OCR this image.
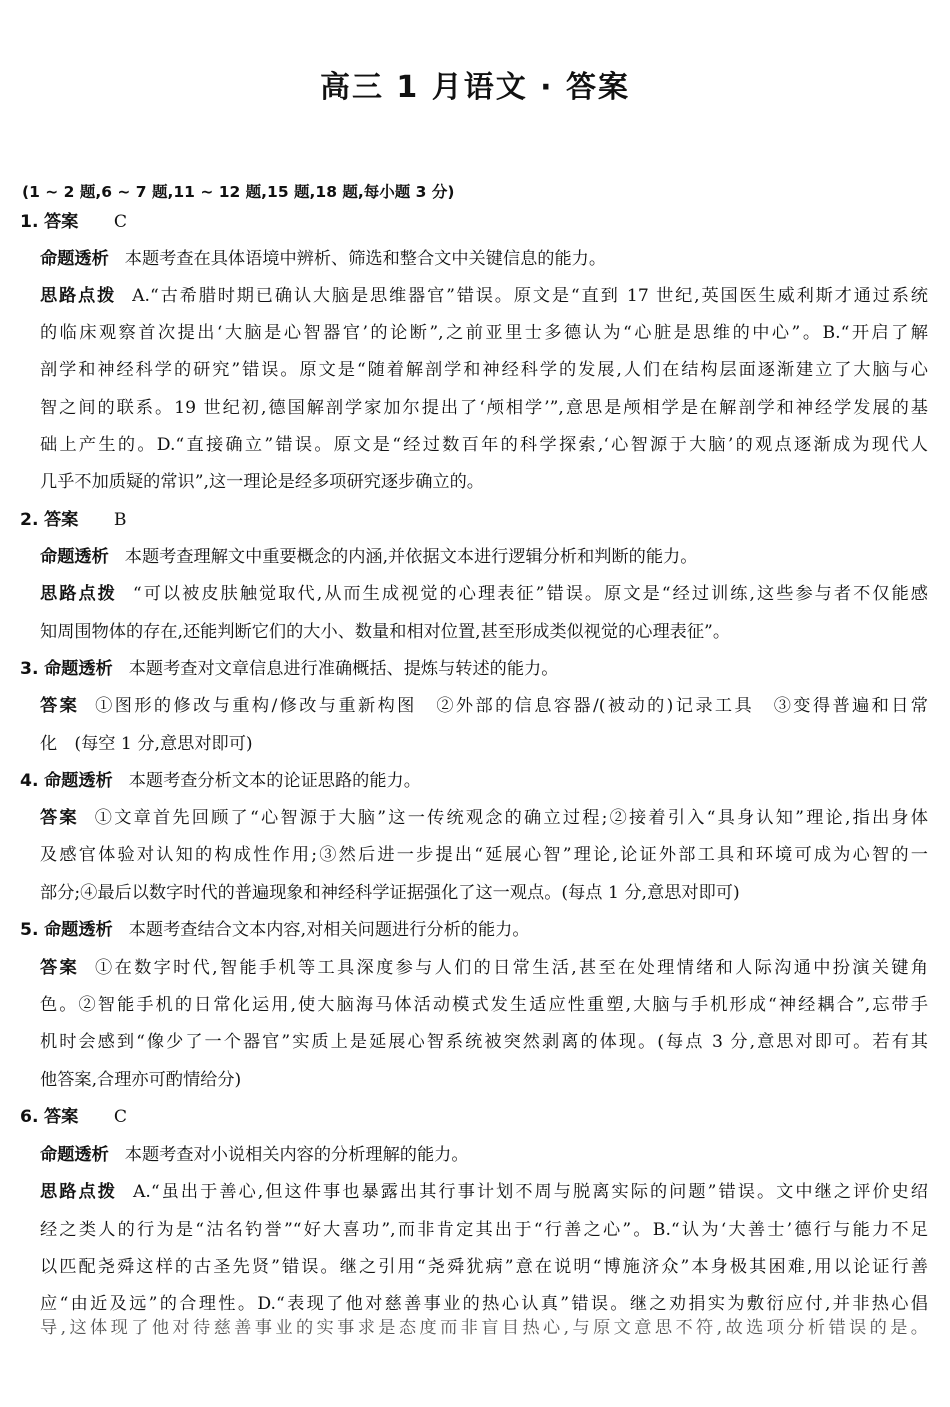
高三 1 月语文 · 答案
(1 ~ 2 题,6 ~ 7 题,11 ~ 12 题,15 题,18 题,每小题 3 分)
1. 答案 C
命题透析 本题考查在具体语境中辨析、筛选和整合文中关键信息的能力。
思路点拨 A.“古希腊时期已确认大脑是思维器官”错误。原文是“直到 17 世纪,英国医生威利斯才通过系统
的临床观察首次提出‘大脑是心智器官’的论断”,之前亚里士多德认为“心脏是思维的中心”。B.“开启了解
剖学和神经科学的研究”错误。原文是“随着解剖学和神经科学的发展,人们在结构层面逐渐建立了大脑与心
智之间的联系。19 世纪初,德国解剖学家加尔提出了‘颅相学’”,意思是颅相学是在解剖学和神经学发展的基
础上产生的。D.“直接确立”错误。原文是“经过数百年的科学探索,‘心智源于大脑’的观点逐渐成为现代人
几乎不加质疑的常识”,这一理论是经多项研究逐步确立的。
2. 答案 B
命题透析 本题考查理解文中重要概念的内涵,并依据文本进行逻辑分析和判断的能力。
思路点拨 “可以被皮肤触觉取代,从而生成视觉的心理表征”错误。原文是“经过训练,这些参与者不仅能感
知周围物体的存在,还能判断它们的大小、数量和相对位置,甚至形成类似视觉的心理表征”。
3. 命题透析 本题考查对文章信息进行准确概括、提炼与转述的能力。
答案 ①图形的修改与重构/修改与重新构图　②外部的信息容器/(被动的)记录工具　③变得普遍和日常
化　(每空 1 分,意思对即可)
4. 命题透析 本题考查分析文本的论证思路的能力。
答案 ①文章首先回顾了“心智源于大脑”这一传统观念的确立过程;②接着引入“具身认知”理论,指出身体
及感官体验对认知的构成性作用;③然后进一步提出“延展心智”理论,论证外部工具和环境可成为心智的一
部分;④最后以数字时代的普遍现象和神经科学证据强化了这一观点。(每点 1 分,意思对即可)
5. 命题透析 本题考查结合文本内容,对相关问题进行分析的能力。
答案 ①在数字时代,智能手机等工具深度参与人们的日常生活,甚至在处理情绪和人际沟通中扮演关键角
色。②智能手机的日常化运用,使大脑海马体活动模式发生适应性重塑,大脑与手机形成“神经耦合”,忘带手
机时会感到“像少了一个器官”实质上是延展心智系统被突然剥离的体现。(每点 3 分,意思对即可。若有其
他答案,合理亦可酌情给分)
6. 答案 C
命题透析 本题考查对小说相关内容的分析理解的能力。
思路点拨 A.“虽出于善心,但这件事也暴露出其行事计划不周与脱离实际的问题”错误。文中继之评价史绍
经之类人的行为是“沽名钓誉”“好大喜功”,而非肯定其出于“行善之心”。B.“认为‘大善士’德行与能力不足
以匹配尧舜这样的古圣先贤”错误。继之引用“尧舜犹病”意在说明“博施济众”本身极其困难,用以论证行善
应“由近及远”的合理性。D.“表现了他对慈善事业的热心认真”错误。继之劝捐实为敷衍应付,并非热心倡
导,这体现了他对待慈善事业的实事求是态度而非盲目热心,与原文意思不符,故选项分析错误的是。
